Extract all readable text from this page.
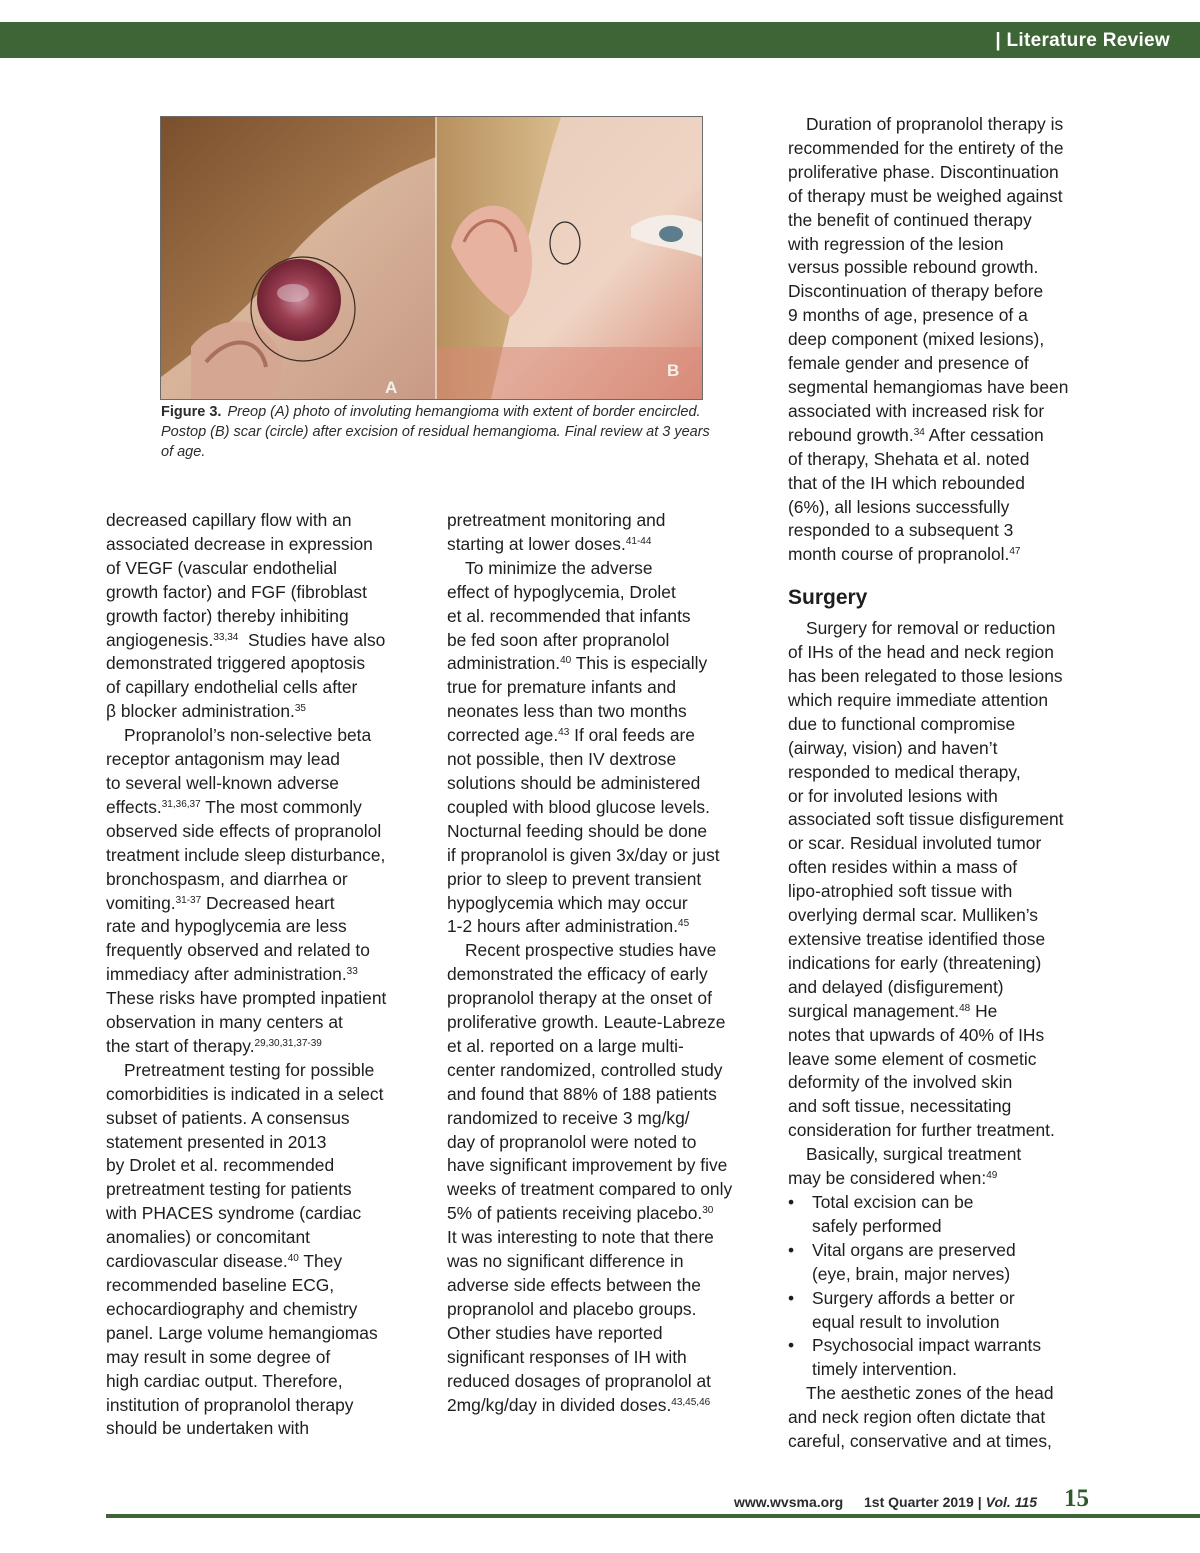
| Literature Review
A
B
Figure 3. Preop (A) photo of involuting hemangioma with extent of border encircled. Postop (B) scar (circle) after excision of residual hemangioma. Final review at 3 years of age.
decreased capillary flow with an
associated decrease in expression
of VEGF (vascular endothelial
growth factor) and FGF (fibroblast
growth factor) thereby inhibiting
angiogenesis.$^{33,34}$  Studies have also
demonstrated triggered apoptosis
of capillary endothelial cells after
β blocker administration.$^{35}$
Propranolol’s non-selective beta
receptor antagonism may lead
to several well-known adverse
effects.$^{31,36,37}$ The most commonly
observed side effects of propranolol
treatment include sleep disturbance,
bronchospasm, and diarrhea or
vomiting.$^{31-37}$ Decreased heart
rate and hypoglycemia are less
frequently observed and related to
immediacy after administration.$^{33}$
These risks have prompted inpatient
observation in many centers at
the start of therapy.$^{29,30,31,37-39}$
Pretreatment testing for possible
comorbidities is indicated in a select
subset of patients. A consensus
statement presented in 2013
by Drolet et al. recommended
pretreatment testing for patients
with PHACES syndrome (cardiac
anomalies) or concomitant
cardiovascular disease.$^{40}$ They
recommended baseline ECG,
echocardiography and chemistry
panel. Large volume hemangiomas
may result in some degree of
high cardiac output. Therefore,
institution of propranolol therapy
should be undertaken with
pretreatment monitoring and
starting at lower doses.$^{41-44}$
To minimize the adverse
effect of hypoglycemia, Drolet
et al. recommended that infants
be fed soon after propranolol
administration.$^{40}$ This is especially
true for premature infants and
neonates less than two months
corrected age.$^{43}$ If oral feeds are
not possible, then IV dextrose
solutions should be administered
coupled with blood glucose levels.
Nocturnal feeding should be done
if propranolol is given 3x/day or just
prior to sleep to prevent transient
hypoglycemia which may occur
1-2 hours after administration.$^{45}$
Recent prospective studies have
demonstrated the efficacy of early
propranolol therapy at the onset of
proliferative growth. Leaute-Labreze
et al. reported on a large multi-
center randomized, controlled study
and found that 88% of 188 patients
randomized to receive 3 mg/kg/
day of propranolol were noted to
have significant improvement by five
weeks of treatment compared to only
5% of patients receiving placebo.$^{30}$
It was interesting to note that there
was no significant difference in
adverse side effects between the
propranolol and placebo groups.
Other studies have reported
significant responses of IH with
reduced dosages of propranolol at
2mg/kg/day in divided doses.$^{43,45,46}$
Duration of propranolol therapy is
recommended for the entirety of the
proliferative phase. Discontinuation
of therapy must be weighed against
the benefit of continued therapy
with regression of the lesion
versus possible rebound growth.
Discontinuation of therapy before
9 months of age, presence of a
deep component (mixed lesions),
female gender and presence of
segmental hemangiomas have been
associated with increased risk for
rebound growth.$^{34}$ After cessation
of therapy, Shehata et al. noted
that of the IH which rebounded
(6%), all lesions successfully
responded to a subsequent 3
month course of propranolol.$^{47}$
Surgery
Surgery for removal or reduction
of IHs of the head and neck region
has been relegated to those lesions
which require immediate attention
due to functional compromise
(airway, vision) and haven’t
responded to medical therapy,
or for involuted lesions with
associated soft tissue disfigurement
or scar. Residual involuted tumor
often resides within a mass of
lipo-atrophied soft tissue with
overlying dermal scar. Mulliken’s
extensive treatise identified those
indications for early (threatening)
and delayed (disfigurement)
surgical management.$^{48}$ He
notes that upwards of 40% of IHs
leave some element of cosmetic
deformity of the involved skin
and soft tissue, necessitating
consideration for further treatment.
Basically, surgical treatment
may be considered when:$^{49}$
• Total excision can be
safely performed
• Vital organs are preserved
(eye, brain, major nerves)
• Surgery affords a better or
equal result to involution
• Psychosocial impact warrants
timely intervention.
The aesthetic zones of the head
and neck region often dictate that
careful, conservative and at times,
www.wvsma.org 1st Quarter 2019 | Vol. 115 15
